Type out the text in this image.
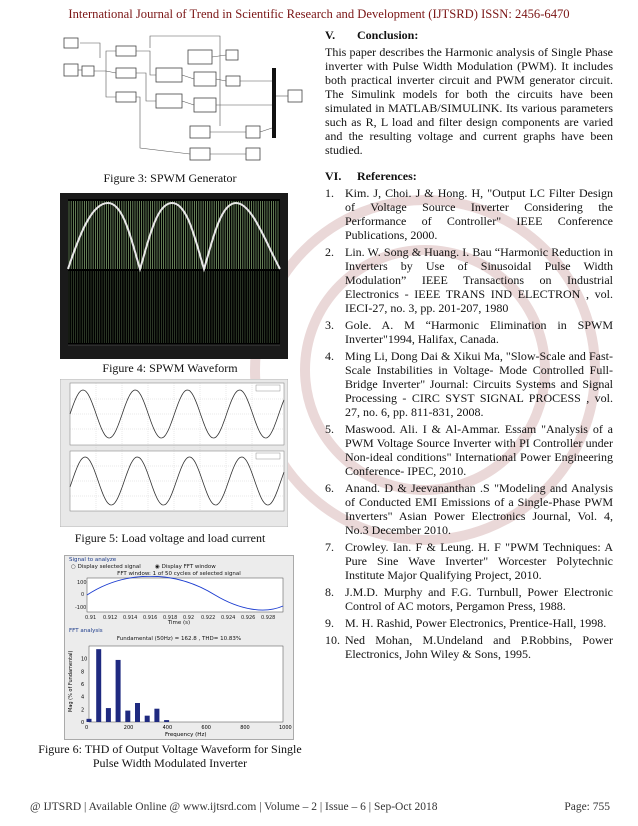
International Journal of Trend in Scientific Research and Development (IJTSRD) ISSN: 2456-6470
Figure 3: SPWM Generator
Figure 4: SPWM Waveform
Figure 5: Load voltage and load current
Signal to analyze
○ Display selected signal	◉ Display FFT window
FFT window: 1 of 50 cycles of selected signal
100
0
-100
0.91 0.912 0.914 0.916 0.918 0.92 0.922 0.924 0.926 0.928
Time (s)
FFT analysis
Fundamental (50Hz) = 162.8 , THD= 10.83%
0	200	400	600	800	1000
0
2
4
6
8
10
Frequency (Hz)
Mag (% of Fundamental)
Figure 6: THD of Output Voltage Waveform for Single Pulse Width Modulated Inverter

V. Conclusion:

This paper describes the Harmonic analysis of Single Phase inverter with Pulse Width Modulation (PWM). It includes both practical inverter circuit and PWM generator circuit. The Simulink models for both the circuits have been simulated in MATLAB/SIMULINK. Its various parameters such as R, L load and filter design components are varied and the resulting voltage and current graphs have been studied.

VI. References:

1. Kim. J, Choi. J & Hong. H, "Output LC Filter Design of Voltage Source Inverter Considering the Performance of Controller" IEEE Conference Publications, 2000.
2. Lin. W. Song & Huang. I. Bau “Harmonic Reduction in Inverters by Use of Sinusoidal Pulse Width Modulation” IEEE Transactions on Industrial Electronics - IEEE TRANS IND ELECTRON , vol. IECI-27, no. 3, pp. 201-207, 1980
3. Gole. A. M “Harmonic Elimination in SPWM Inverter"1994, Halifax, Canada.
4. Ming Li, Dong Dai & Xikui Ma, "Slow-Scale and Fast-Scale Instabilities in Voltage- Mode Controlled Full-Bridge Inverter" Journal: Circuits Systems and Signal Processing - CIRC SYST SIGNAL PROCESS , vol. 27, no. 6, pp. 811-831, 2008.
5. Maswood. Ali. I & Al-Ammar. Essam "Analysis of a PWM Voltage Source Inverter with PI Controller under Non-ideal conditions" International Power Engineering Conference- IPEC, 2010.
6. Anand. D & Jeevananthan .S "Modeling and Analysis of Conducted EMI Emissions of a Single-Phase PWM Inverters" Asian Power Electronics Journal, Vol. 4, No.3 December 2010.
7. Crowley. Ian. F & Leung. H. F "PWM Techniques: A Pure Sine Wave Inverter" Worcester Polytechnic Institute Major Qualifying Project, 2010.
8. J.M.D. Murphy and F.G. Turnbull, Power Electronic Control of AC motors, Pergamon Press, 1988.
9. M. H. Rashid, Power Electronics, Prentice-Hall, 1998.
10. Ned Mohan, M.Undeland and P.Robbins, Power Electronics, John Wiley & Sons, 1995.
@ IJTSRD | Available Online @ www.ijtsrd.com | Volume – 2 | Issue – 6 | Sep-Oct 2018	Page: 755
